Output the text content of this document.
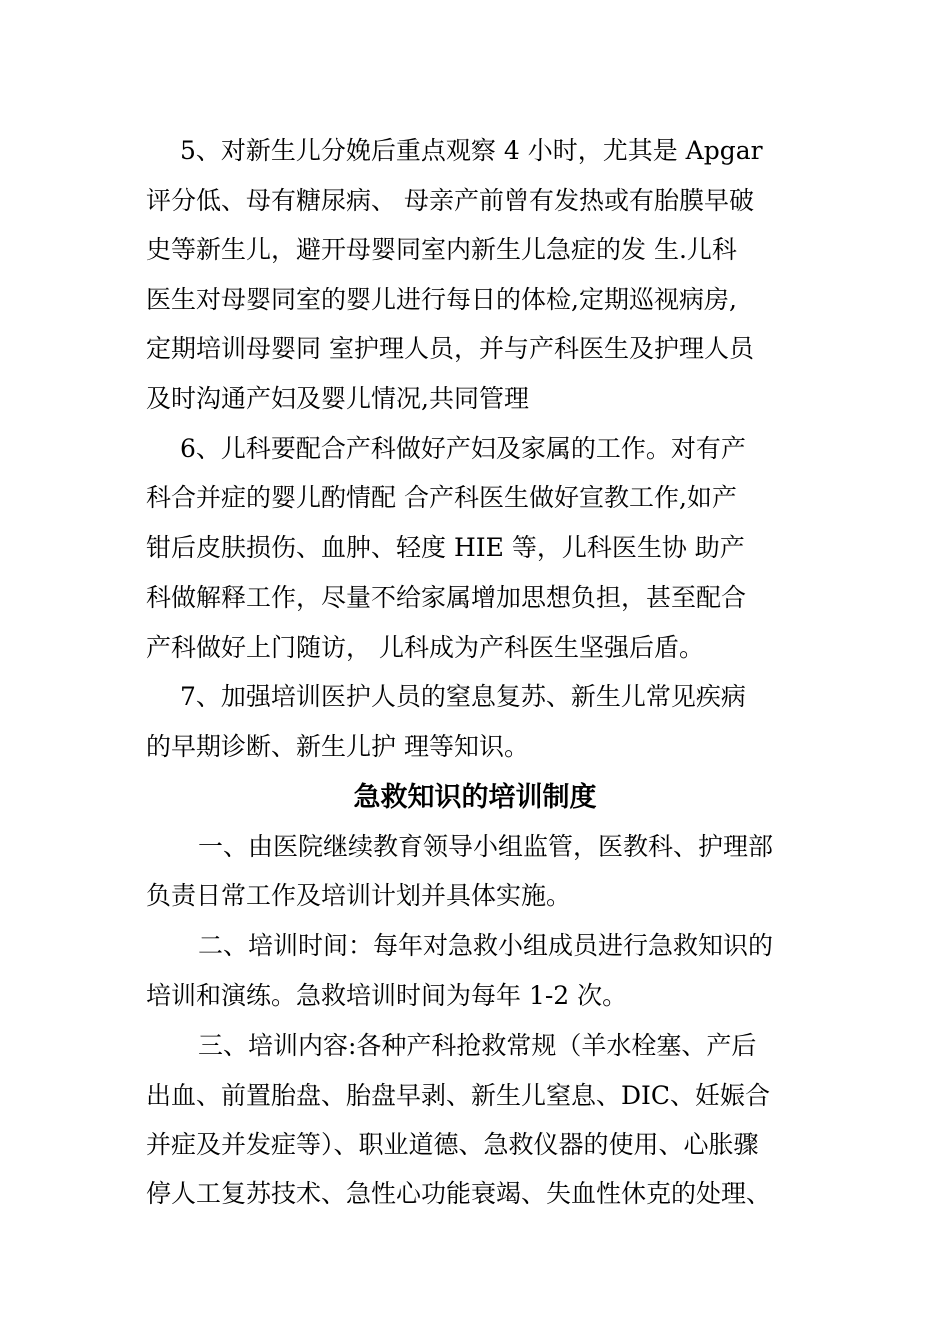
5、对新生儿分娩后重点观察 4 小时，尤其是 Apgar
评分低、母有糖尿病、 母亲产前曾有发热或有胎膜早破
史等新生儿，避开母婴同室内新生儿急症的发 生.儿科
医生对母婴同室的婴儿进行每日的体检,定期巡视病房,
定期培训母婴同 室护理人员，并与产科医生及护理人员
及时沟通产妇及婴儿情况,共同管理
6、儿科要配合产科做好产妇及家属的工作。对有产
科合并症的婴儿酌情配 合产科医生做好宣教工作,如产
钳后皮肤损伤、血肿、轻度 HIE 等，儿科医生协 助产
科做解释工作，尽量不给家属增加思想负担，甚至配合
产科做好上门随访， 儿科成为产科医生坚强后盾。
7、加强培训医护人员的窒息复苏、新生儿常见疾病
的早期诊断、新生儿护 理等知识。
急救知识的培训制度
一、由医院继续教育领导小组监管，医教科、护理部
负责日常工作及培训计划并具体实施。
二、培训时间：每年对急救小组成员进行急救知识的
培训和演练。急救培训时间为每年 1-2 次。
三、培训内容:各种产科抢救常规（羊水栓塞、产后
出血、前置胎盘、胎盘早剥、新生儿窒息、DIC、妊娠合
并症及并发症等）、职业道德、急救仪器的使用、心胀骤
停人工复苏技术、急性心功能衰竭、失血性休克的处理、
